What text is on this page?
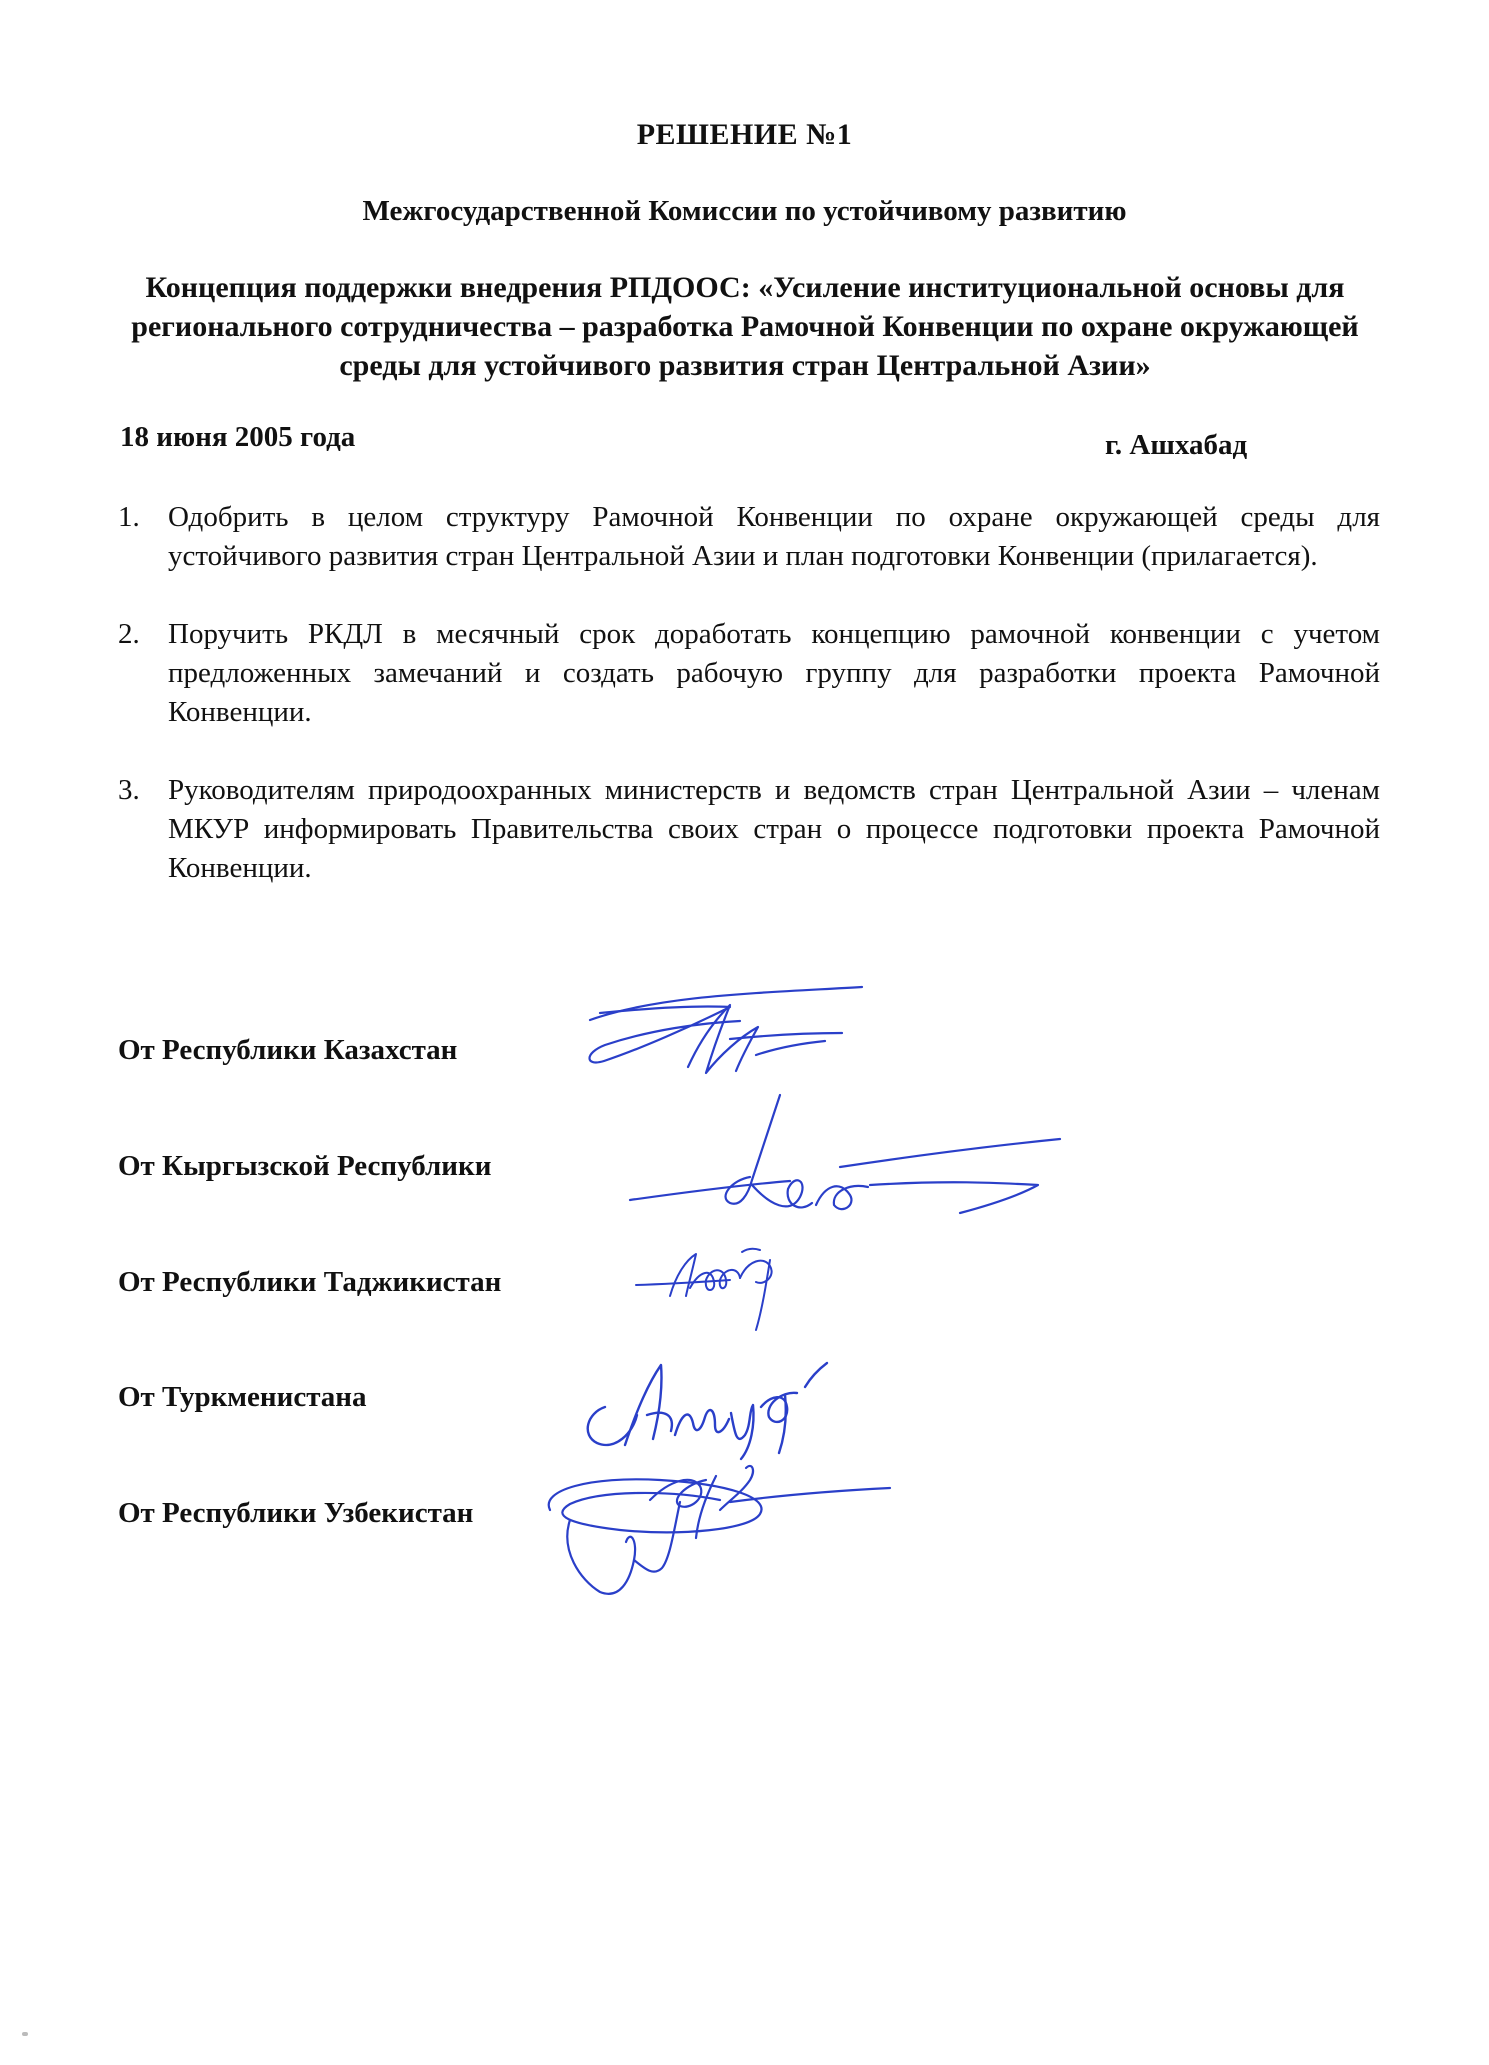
РЕШЕНИЕ №1
Межгосударственной Комиссии по устойчивому развитию
Концепция поддержки внедрения РПДООС: «Усиление институциональной основы для регионального сотрудничества – разработка Рамочной Конвенции по охране окружающей среды для устойчивого развития стран Центральной Азии»
18 июня 2005 года	г. Ашхабад
1. Одобрить в целом структуру Рамочной Конвенции по охране окружающей среды для устойчивого развития стран Центральной Азии и план подготовки Конвенции (прилагается).
2. Поручить РКДЛ в месячный срок доработать концепцию рамочной конвенции с учетом предложенных замечаний и создать рабочую группу для разработки проекта Рамочной Конвенции.
3. Руководителям природоохранных министерств и ведомств стран Центральной Азии – членам МКУР информировать Правительства своих стран о процессе подготовки проекта Рамочной Конвенции.
От Республики Казахстан
От Кыргызской Республики
От Республики Таджикистан
От Туркменистана
От Республики Узбекистан
